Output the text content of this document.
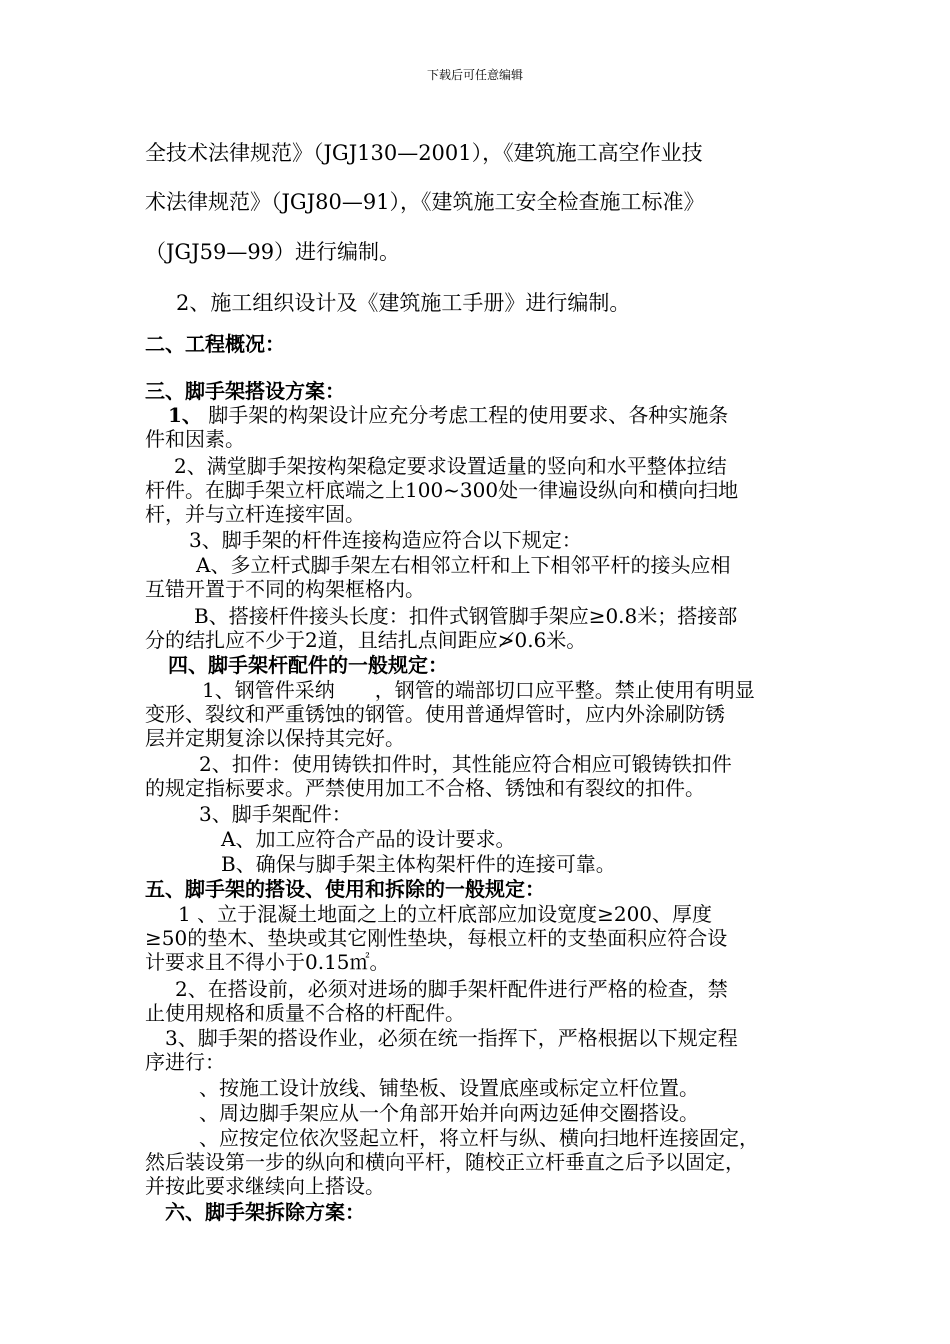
下载后可任意编辑
全技术法律规范》（JGJ130—2001），《建筑施工高空作业技
术法律规范》（JGJ80—91），《建筑施工安全检查施工标准》
（JGJ59—99）进行编制。
2、施工组织设计及《建筑施工手册》进行编制。
二、工程概况：
三、脚手架搭设方案：
1、 脚手架的构架设计应充分考虑工程的使用要求、各种实施条
件和因素。
2、满堂脚手架按构架稳定要求设置适量的竖向和水平整体拉结
杆件。在脚手架立杆底端之上100~300处一律遍设纵向和横向扫地
杆，并与立杆连接牢固。
3、脚手架的杆件连接构造应符合以下规定：
A、多立杆式脚手架左右相邻立杆和上下相邻平杆的接头应相
互错开置于不同的构架框格内。
B、搭接杆件接头长度：扣件式钢管脚手架应≥0.8米；搭接部
分的结扎应不少于2道，且结扎点间距应≯0.6米。
四、脚手架杆配件的一般规定：
1、钢管件采纳　　，钢管的端部切口应平整。禁止使用有明显
变形、裂纹和严重锈蚀的钢管。使用普通焊管时，应内外涂刷防锈
层并定期复涂以保持其完好。
2、扣件：使用铸铁扣件时，其性能应符合相应可锻铸铁扣件
的规定指标要求。严禁使用加工不合格、锈蚀和有裂纹的扣件。
3、脚手架配件：
A、加工应符合产品的设计要求。
B、确保与脚手架主体构架杆件的连接可靠。
五、脚手架的搭设、使用和拆除的一般规定：
1 、立于混凝土地面之上的立杆底部应加设宽度≥200、厚度
≥50的垫木、垫块或其它刚性垫块，每根立杆的支垫面积应符合设
计要求且不得小于0.15㎡。
2、在搭设前，必须对进场的脚手架杆配件进行严格的检查，禁
止使用规格和质量不合格的杆配件。
3、脚手架的搭设作业，必须在统一指挥下，严格根据以下规定程
序进行：
、按施工设计放线、铺垫板、设置底座或标定立杆位置。
、周边脚手架应从一个角部开始并向两边延伸交圈搭设。
、应按定位依次竖起立杆，将立杆与纵、横向扫地杆连接固定，
然后装设第一步的纵向和横向平杆，随校正立杆垂直之后予以固定，
并按此要求继续向上搭设。
六、脚手架拆除方案：
